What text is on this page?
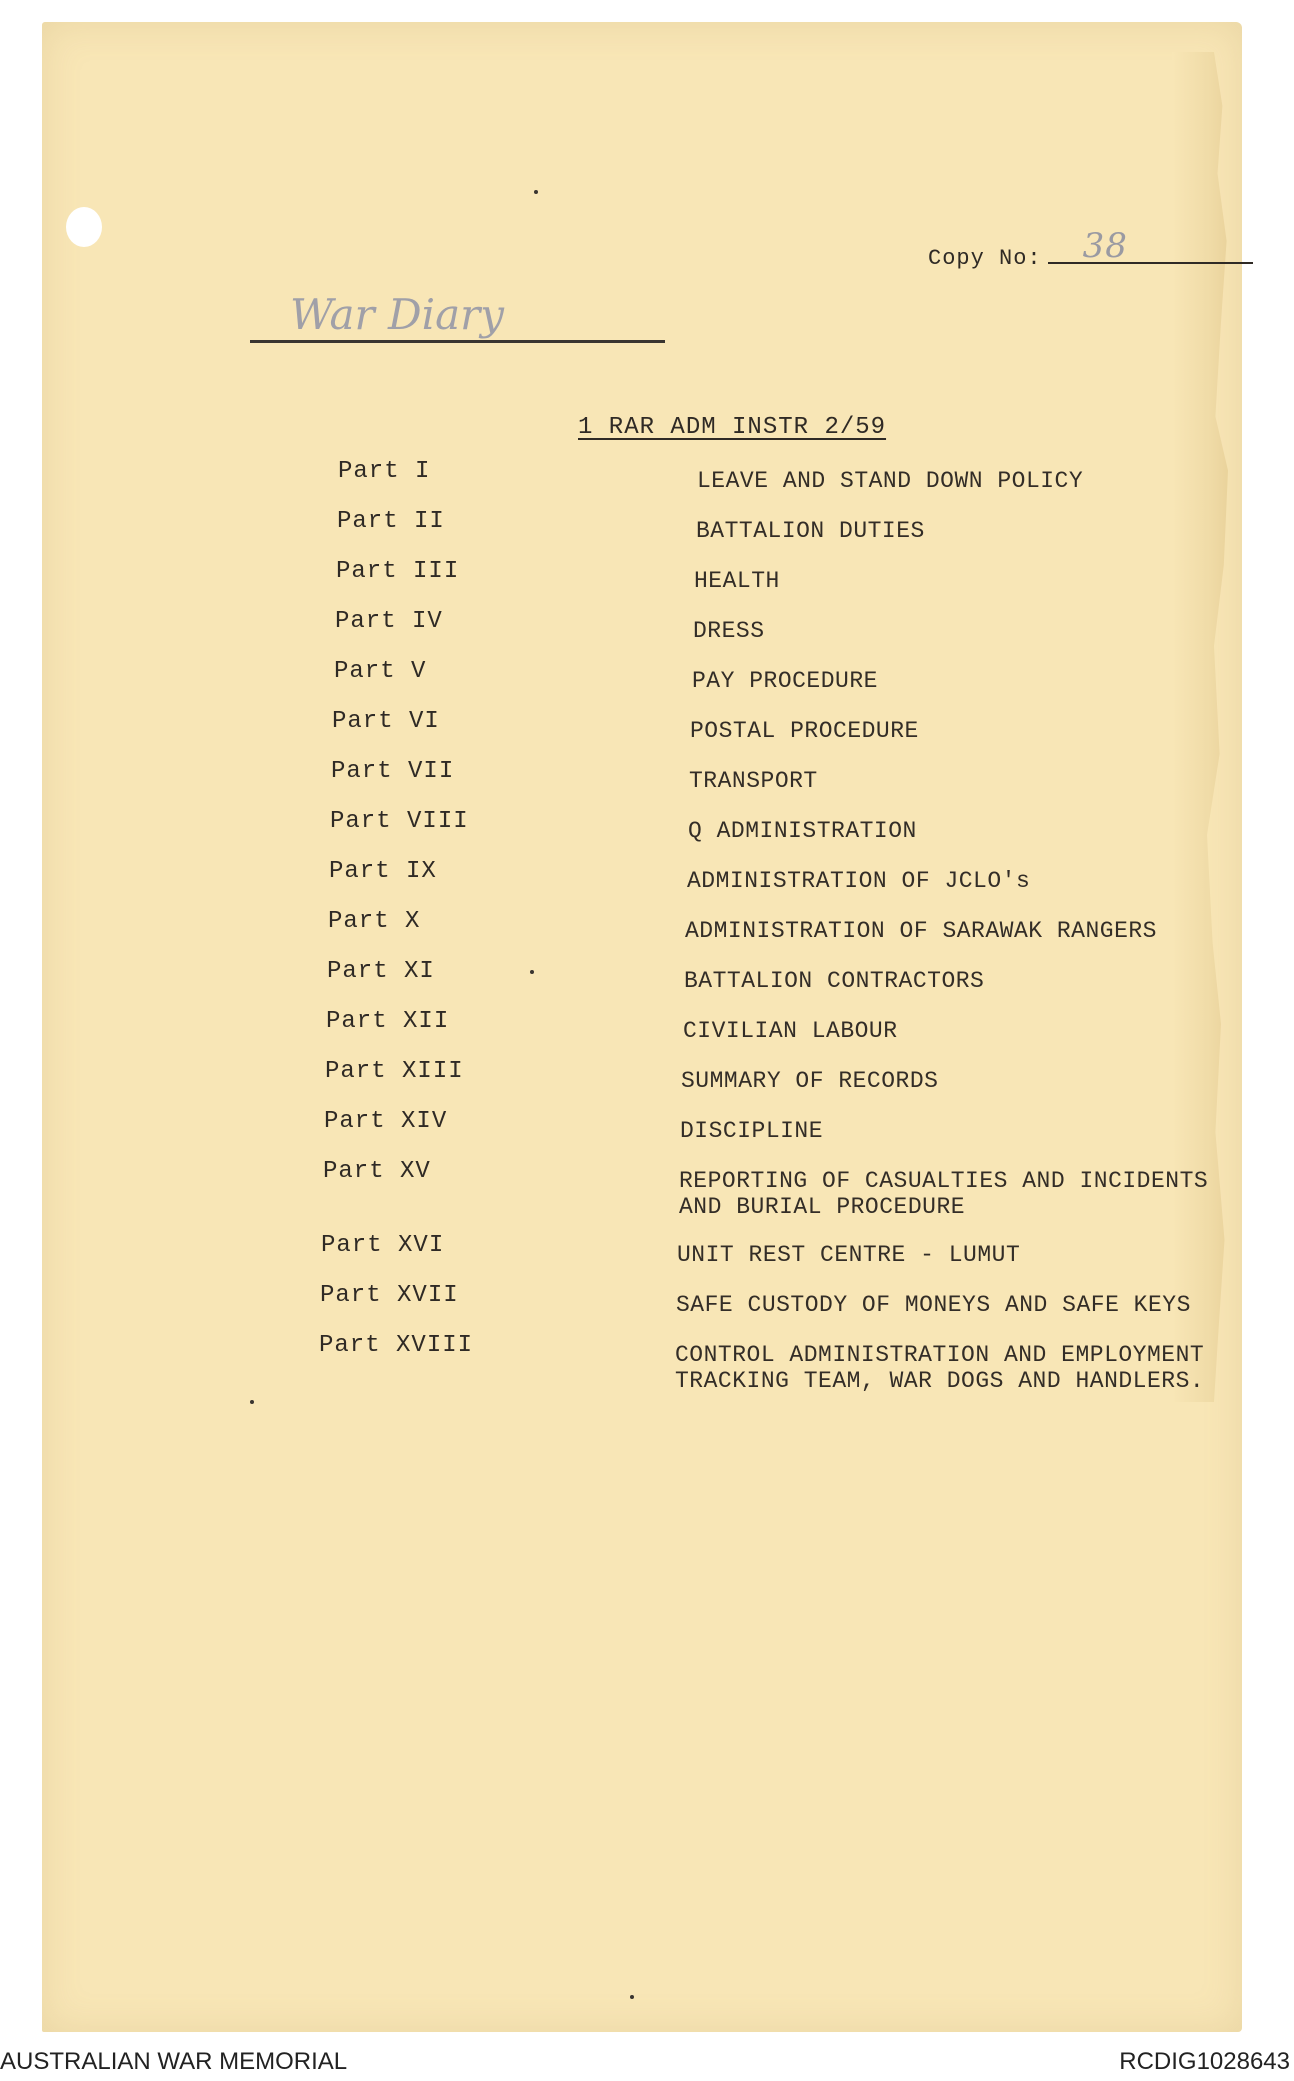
Copy No: 38
War Diary
1 RAR ADM INSTR 2/59
Part I	LEAVE AND STAND DOWN POLICY
Part II	BATTALION DUTIES
Part III	HEALTH
Part IV	DRESS
Part V	PAY PROCEDURE
Part VI	POSTAL PROCEDURE
Part VII	TRANSPORT
Part VIII	Q ADMINISTRATION
Part IX	ADMINISTRATION OF JCLO's
Part X	ADMINISTRATION OF SARAWAK RANGERS
Part XI	BATTALION CONTRACTORS
Part XII	CIVILIAN LABOUR
Part XIII	SUMMARY OF RECORDS
Part XIV	DISCIPLINE
Part XV	REPORTING OF CASUALTIES AND INCIDENTS
AND BURIAL PROCEDURE
Part XVI	UNIT REST CENTRE - LUMUT
Part XVII	SAFE CUSTODY OF MONEYS AND SAFE KEYS
Part XVIII	CONTROL ADMINISTRATION AND EMPLOYMENT
TRACKING TEAM, WAR DOGS AND HANDLERS.
AUSTRALIAN WAR MEMORIAL	RCDIG1028643
